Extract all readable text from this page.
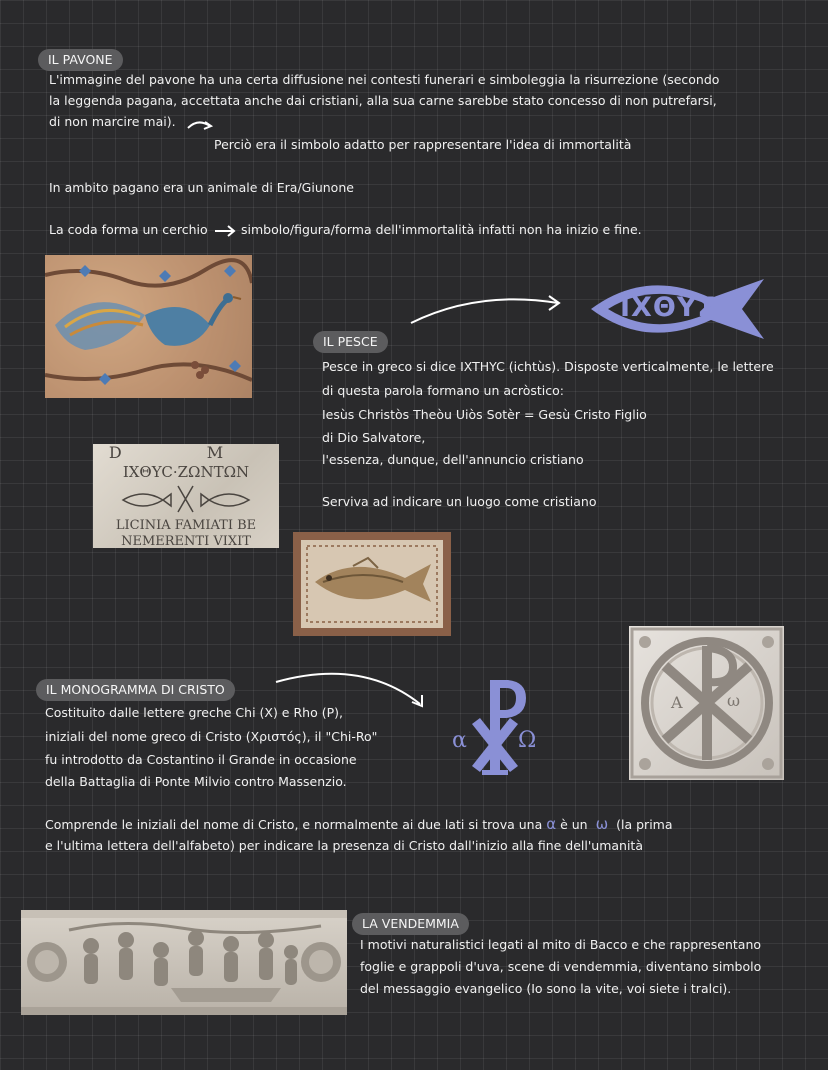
IL PAVONE
L'immagine del pavone ha una certa diffusione nei contesti funerari e simboleggia la risurrezione (secondo
la leggenda pagana, accettata anche dai cristiani, alla sua carne sarebbe stato concesso di non putrefarsi,
di non marcire mai).
Perciò era il simbolo adatto per rappresentare l'idea di immortalità
In ambito pagano era un animale di Era/Giunone
La coda forma un cerchio	simbolo/figura/forma dell'immortalità infatti non ha inizio e fine.
IXΘYΣ
IL PESCE
Pesce in greco si dice IXTHYC (ichtùs). Disposte verticalmente, le lettere
di questa parola formano un acròstico:
Iesùs Christòs Theòu Uiòs Sotèr = Gesù Cristo Figlio
di Dio Salvatore,
l'essenza, dunque, dell'annuncio cristiano
Serviva ad indicare un luogo come cristiano
D M
IXΘYC·ZΩNTΩN
LICINIA FAMIATI BE
NEMERENTI VIXIT
A	ω
α Ω
IL MONOGRAMMA DI CRISTO
Costituito dalle lettere greche Chi (X) e Rho (P),
iniziali del nome greco di Cristo (Χριστός), il "Chi-Ro"
fu introdotto da Costantino il Grande in occasione
della Battaglia di Ponte Milvio contro Massenzio.
Comprende le iniziali del nome di Cristo, e normalmente ai due lati si trova una α è un ω (la prima
e l'ultima lettera dell'alfabeto) per indicare la presenza di Cristo dall'inizio alla fine dell'umanità
LA VENDEMMIA
I motivi naturalistici legati al mito di Bacco e che rappresentano
foglie e grappoli d'uva, scene di vendemmia, diventano simbolo
del messaggio evangelico (Io sono la vite, voi siete i tralci).
